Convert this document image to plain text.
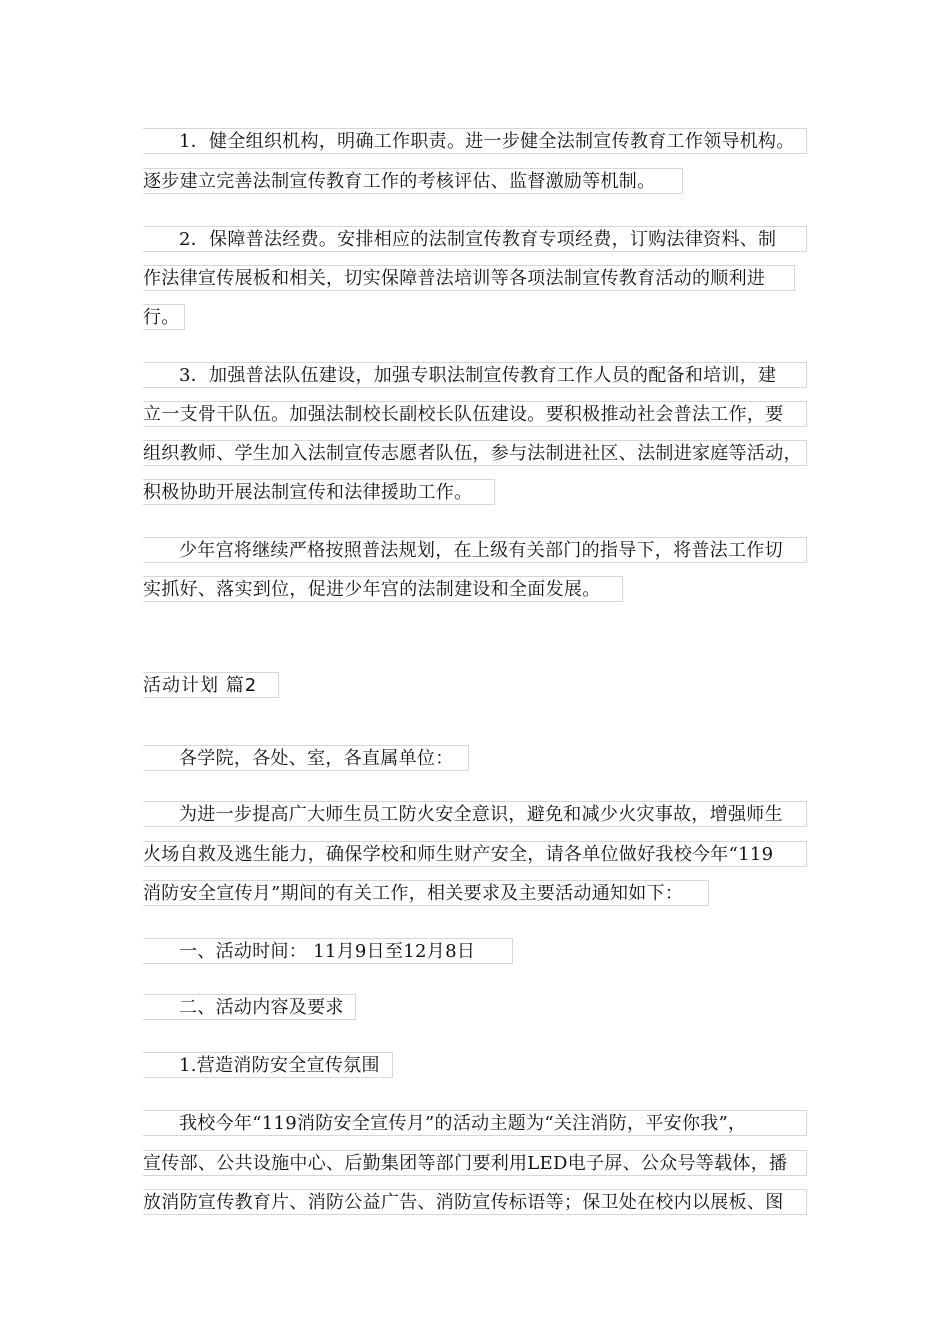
1．健全组织机构，明确工作职责。进一步健全法制宣传教育工作领导机构。
逐步建立完善法制宣传教育工作的考核评估、监督激励等机制。
2．保障普法经费。安排相应的法制宣传教育专项经费，订购法律资料、制
作法律宣传展板和相关，切实保障普法培训等各项法制宣传教育活动的顺利进
行。
3．加强普法队伍建设，加强专职法制宣传教育工作人员的配备和培训，建
立一支骨干队伍。加强法制校长副校长队伍建设。要积极推动社会普法工作，要
组织教师、学生加入法制宣传志愿者队伍，参与法制进社区、法制进家庭等活动，
积极协助开展法制宣传和法律援助工作。
少年宫将继续严格按照普法规划，在上级有关部门的指导下，将普法工作切
实抓好、落实到位，促进少年宫的法制建设和全面发展。
活动计划 篇2
各学院，各处、室，各直属单位：
为进一步提高广大师生员工防火安全意识，避免和减少火灾事故，增强师生
火场自救及逃生能力，确保学校和师生财产安全，请各单位做好我校今年“119
消防安全宣传月”期间的有关工作，相关要求及主要活动通知如下：
一、活动时间： 11月9日至12月8日
二、活动内容及要求
1.营造消防安全宣传氛围
我校今年“119消防安全宣传月”的活动主题为“关注消防，平安你我”，
宣传部、公共设施中心、后勤集团等部门要利用LED电子屏、公众号等载体，播
放消防宣传教育片、消防公益广告、消防宣传标语等；保卫处在校内以展板、图
